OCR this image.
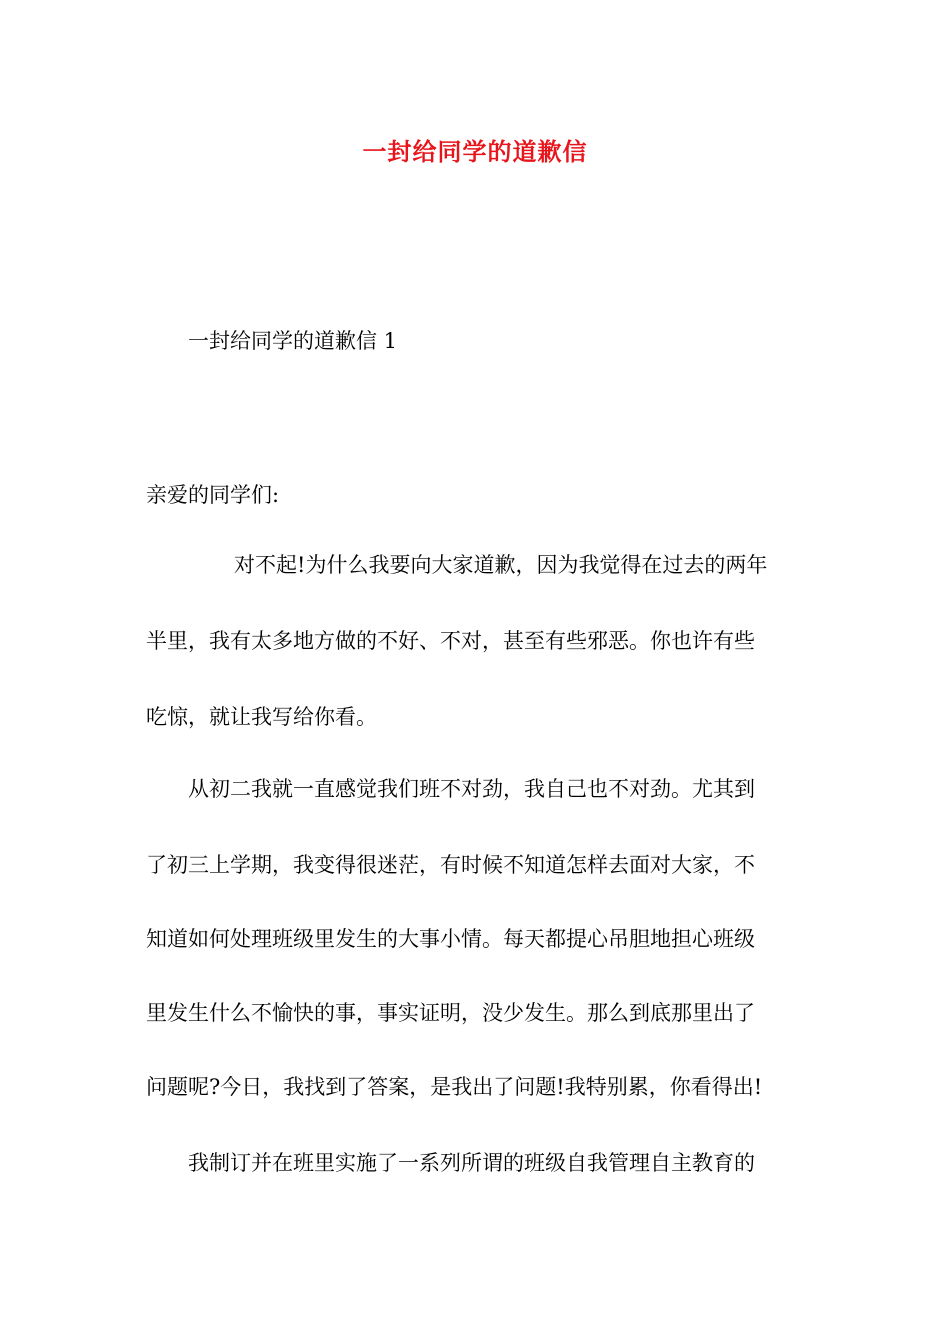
一封给同学的道歉信
一封给同学的道歉信 1
亲爱的同学们:
对不起!为什么我要向大家道歉，因为我觉得在过去的两年
半里，我有太多地方做的不好、不对，甚至有些邪恶。你也许有些
吃惊，就让我写给你看。
从初二我就一直感觉我们班不对劲，我自己也不对劲。尤其到
了初三上学期，我变得很迷茫，有时候不知道怎样去面对大家，不
知道如何处理班级里发生的大事小情。每天都提心吊胆地担心班级
里发生什么不愉快的事，事实证明，没少发生。那么到底那里出了
问题呢?今日，我找到了答案，是我出了问题!我特别累，你看得出!
我制订并在班里实施了一系列所谓的班级自我管理自主教育的
